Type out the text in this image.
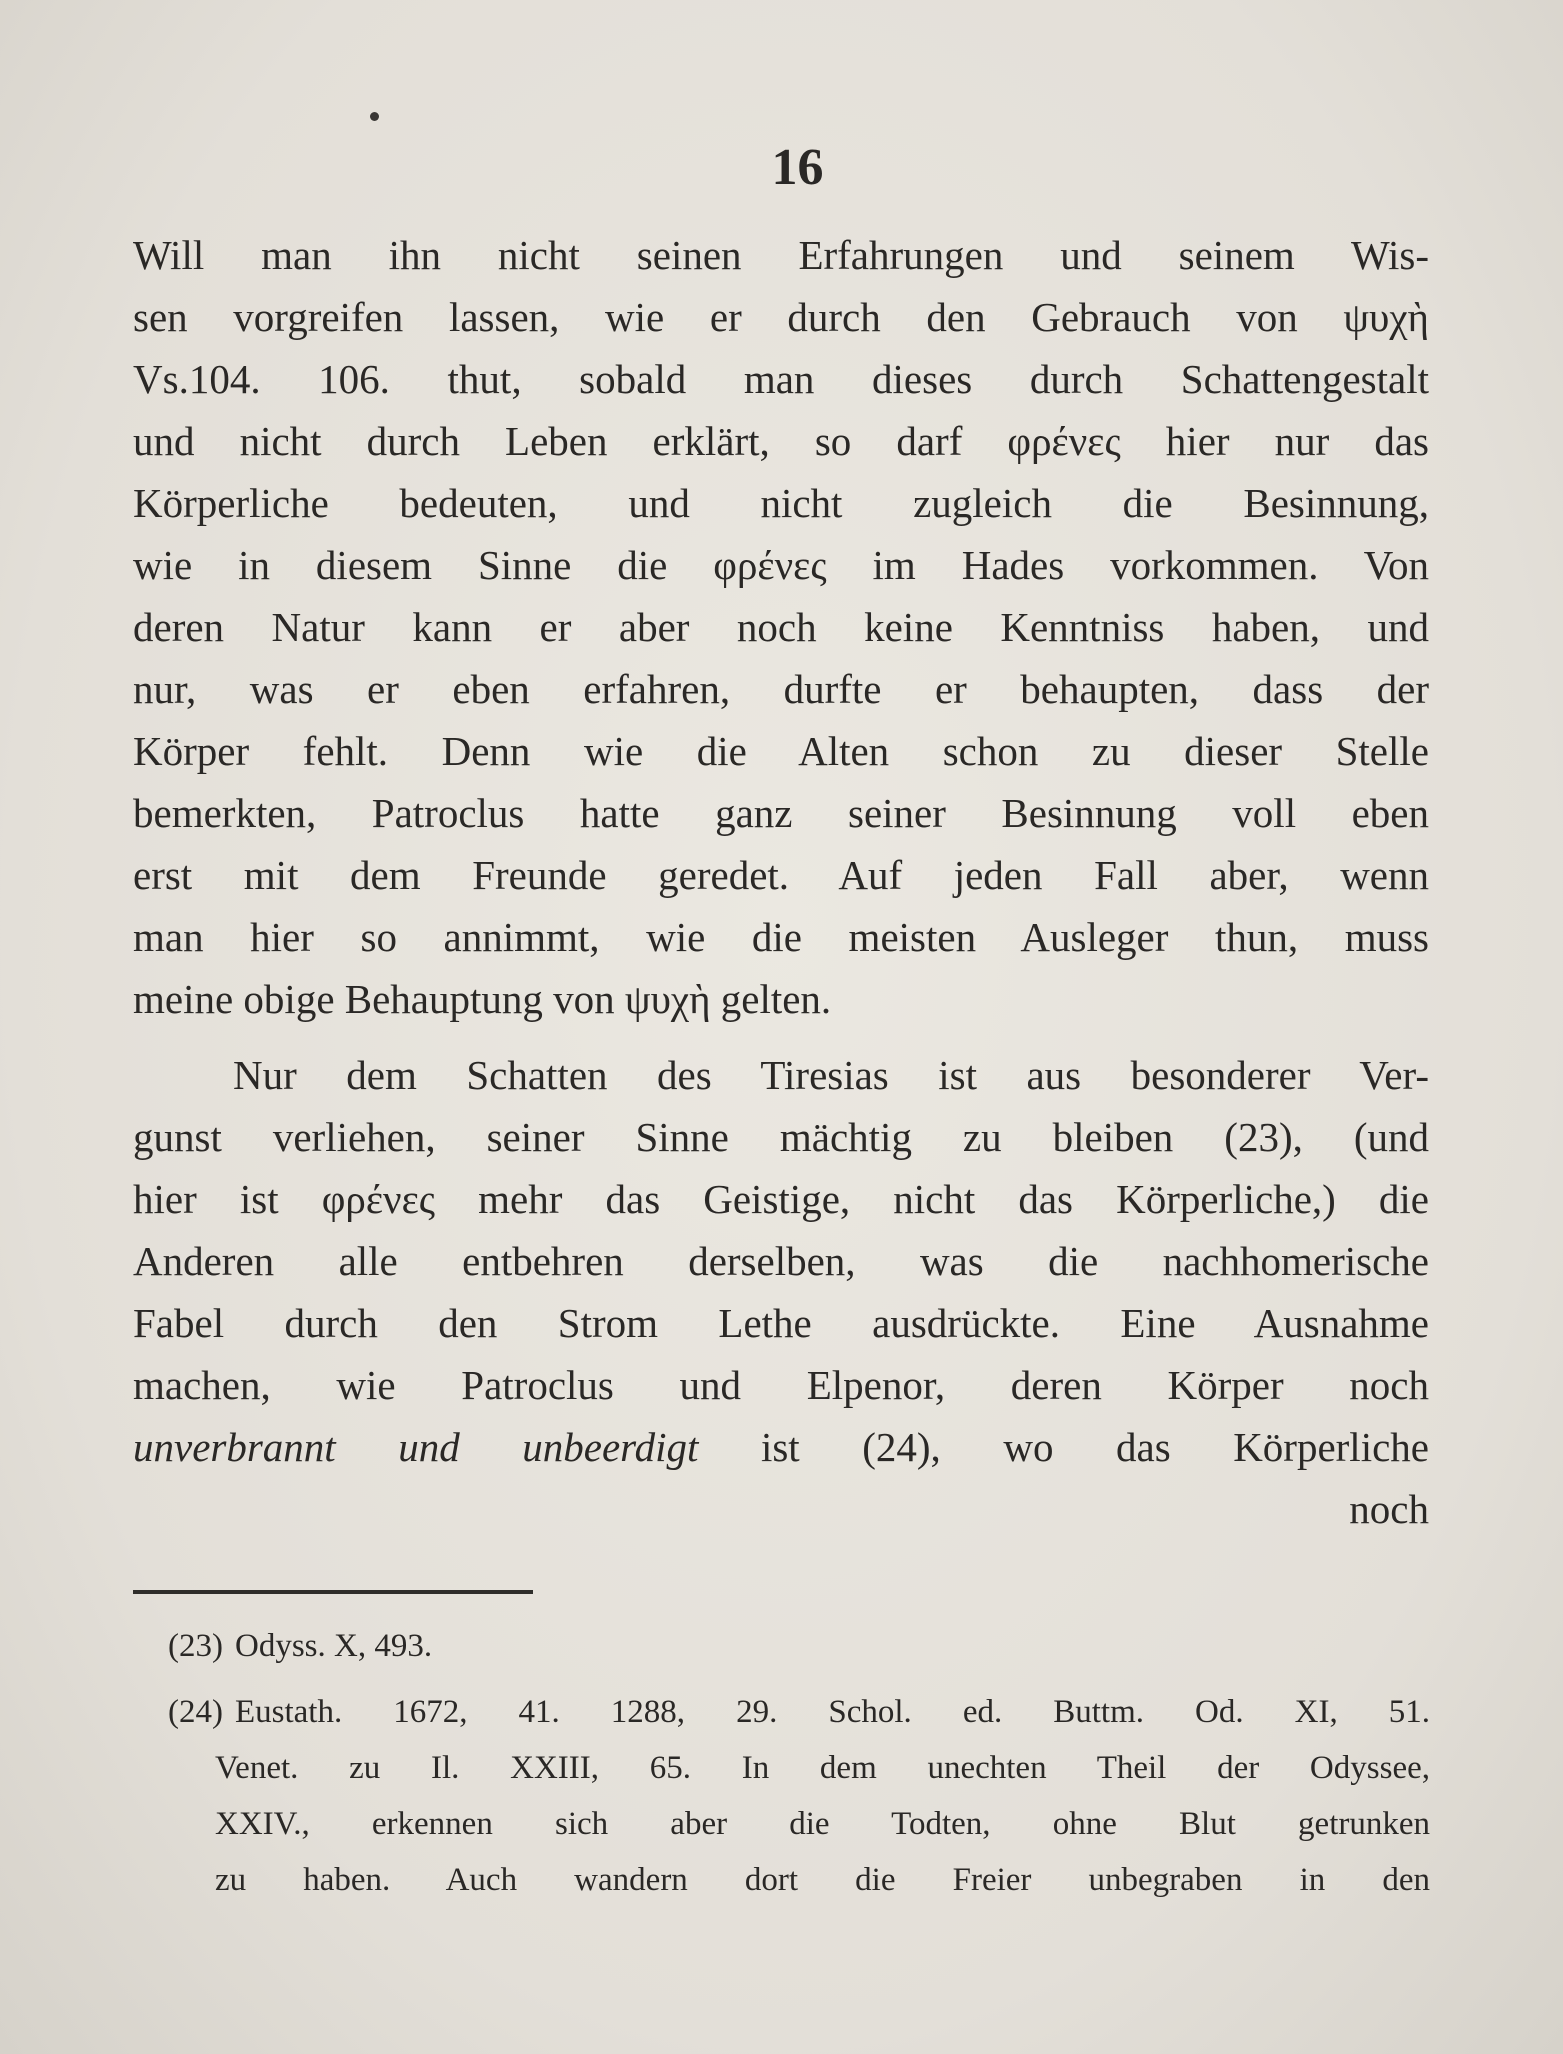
16

Will man ihn nicht seinen Erfahrungen und seinem Wis-
sen vorgreifen lassen, wie er durch den Gebrauch von ψυχὴ
Vs.104. 106. thut, sobald man dieses durch Schattengestalt
und nicht durch Leben erklärt, so darf φρένες hier nur das
Körperliche bedeuten, und nicht zugleich die Besinnung,
wie in diesem Sinne die φρένες im Hades vorkommen. Von
deren Natur kann er aber noch keine Kenntniss haben, und
nur, was er eben erfahren, durfte er behaupten, dass der
Körper fehlt. Denn wie die Alten schon zu dieser Stelle
bemerkten, Patroclus hatte ganz seiner Besinnung voll eben
erst mit dem Freunde geredet. Auf jeden Fall aber, wenn
man hier so annimmt, wie die meisten Ausleger thun, muss
meine obige Behauptung von ψυχὴ gelten.

Nur dem Schatten des Tiresias ist aus besonderer Ver-
gunst verliehen, seiner Sinne mächtig zu bleiben (23), (und
hier ist φρένες mehr das Geistige, nicht das Körperliche,) die
Anderen alle entbehren derselben, was die nachhomerische
Fabel durch den Strom Lethe ausdrückte. Eine Ausnahme
machen, wie Patroclus und Elpenor, deren Körper noch
unverbrannt und unbeerdigt ist (24), wo das Körperliche
noch

(23) Odyss. X, 493.
(24) Eustath. 1672, 41. 1288, 29. Schol. ed. Buttm. Od. XI, 51.
Venet. zu Il. XXIII, 65. In dem unechten Theil der Odyssee,
XXIV., erkennen sich aber die Todten, ohne Blut getrunken
zu haben. Auch wandern dort die Freier unbegraben in den
